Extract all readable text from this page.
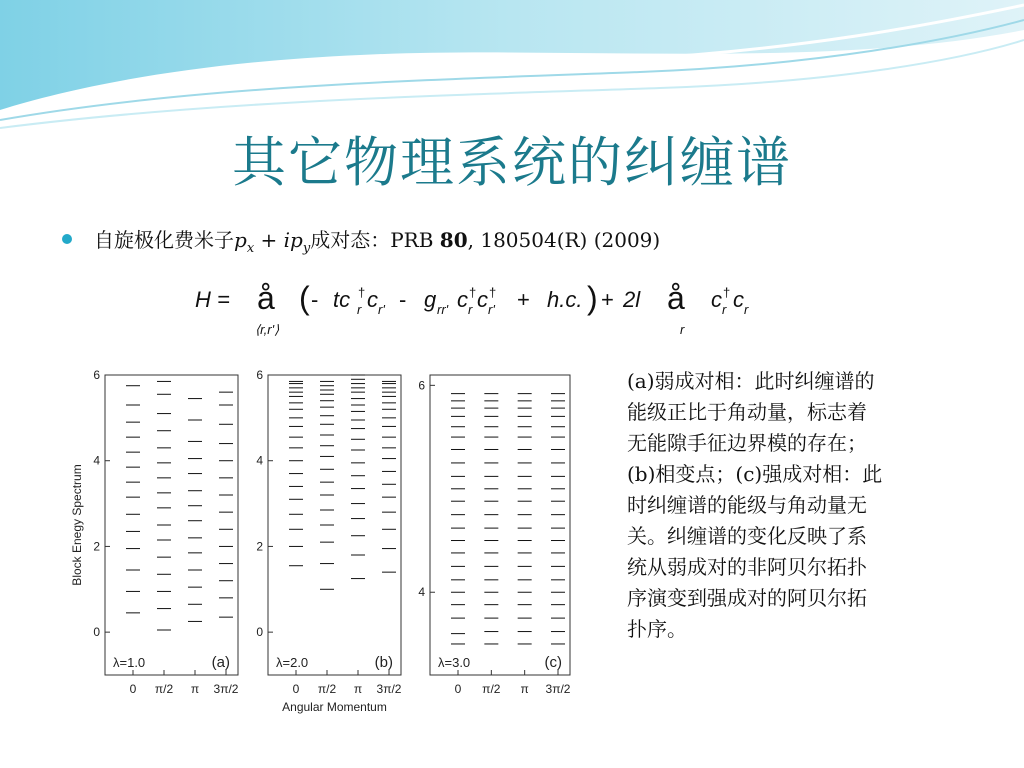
其它物理系统的纠缠谱
自旋极化费米子$p_x + ip_y$成对态：PRB 80, 180504(R) (2009)
H = å
⟨r,r'⟩
( - tc †
r c r' - g rr' c †
r c †
r' + h.c. ) + 2l å
r
c †
r c r
0
2
4
6
0 π/2 π 3π/2
λ=1.0	(a)
Block Enegy Spectrum
0
2
4
6
0 π/2 π 3π/2
λ=2.0	(b)
Angular Momentum
4
6
0 π/2 π 3π/2
λ=3.0	(c)
(a)弱成对相：此时纠缠谱的
能级正比于角动量，标志着
无能隙手征边界模的存在；
(b)相变点；(c)强成对相：此
时纠缠谱的能级与角动量无
关。纠缠谱的变化反映了系
统从弱成对的非阿贝尔拓扑
序演变到强成对的阿贝尔拓
扑序。
